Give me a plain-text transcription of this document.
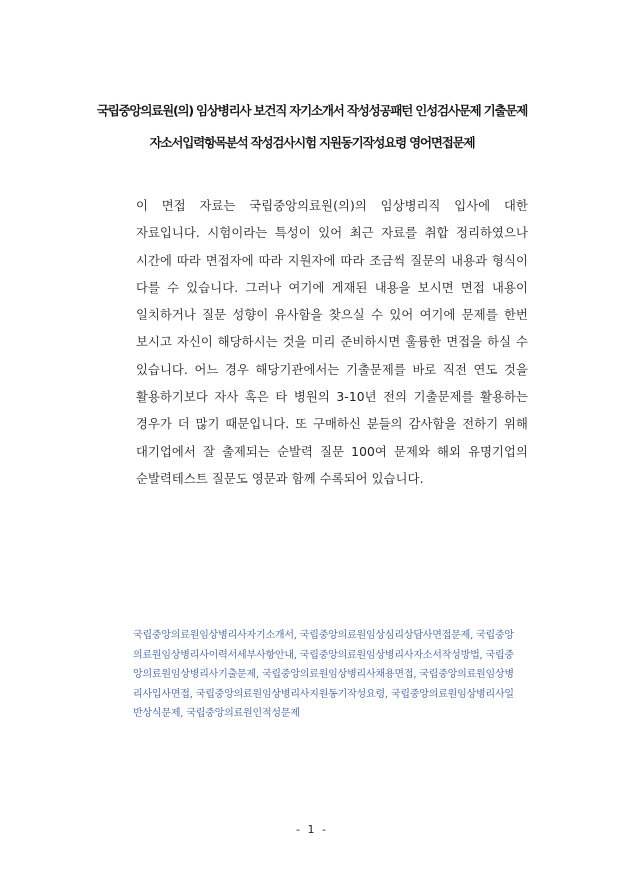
국립중앙의료원(의) 임상병리사 보건직 자기소개서 작성성공패턴 인성검사문제 기출문제
자소서입력항목분석 작성검사시험 지원동기작성요령 영어면접문제
이 면접 자료는 국립중앙의료원(의)의 임상병리직 입사에 대한 자료입니다. 시험이라는 특성이 있어 최근 자료를 취합 정리하였으나 시간에 따라 면접자에 따라 지원자에 따라 조금씩 질문의 내용과 형식이 다를 수 있습니다. 그러나 여기에 게재된 내용을 보시면 면접 내용이 일치하거나 질문 성향이 유사함을 찾으실 수 있어 여기에 문제를 한번 보시고 자신이 해당하시는 것을 미리 준비하시면 훌륭한 면접을 하실 수 있습니다. 어느 경우 해당기관에서는 기출문제를 바로 직전 연도 것을 활용하기보다 자사 혹은 타 병원의 3-10년 전의 기출문제를 활용하는 경우가 더 많기 때문입니다. 또 구매하신 분들의 감사함을 전하기 위해 대기업에서 잘 출제되는 순발력 질문 100여 문제와 해외 유명기업의 순발력테스트 질문도 영문과 함께 수록되어 있습니다.
국립중앙의료원임상병리사자기소개서, 국립중앙의료원임상심리상담사면접문제, 국립중앙의료원임상병리사이력서세부사항안내, 국립중앙의료원임상병리사자소서작성방법, 국립중앙의료원임상병리사기출문제, 국립중앙의료원임상병리사채용면접, 국립중앙의료원임상병리사입사면접, 국립중앙의료원임상병리사지원동기작성요령, 국립중앙의료원임상병리사일반상식문제, 국립중앙의료원인적성문제
- 1 -
